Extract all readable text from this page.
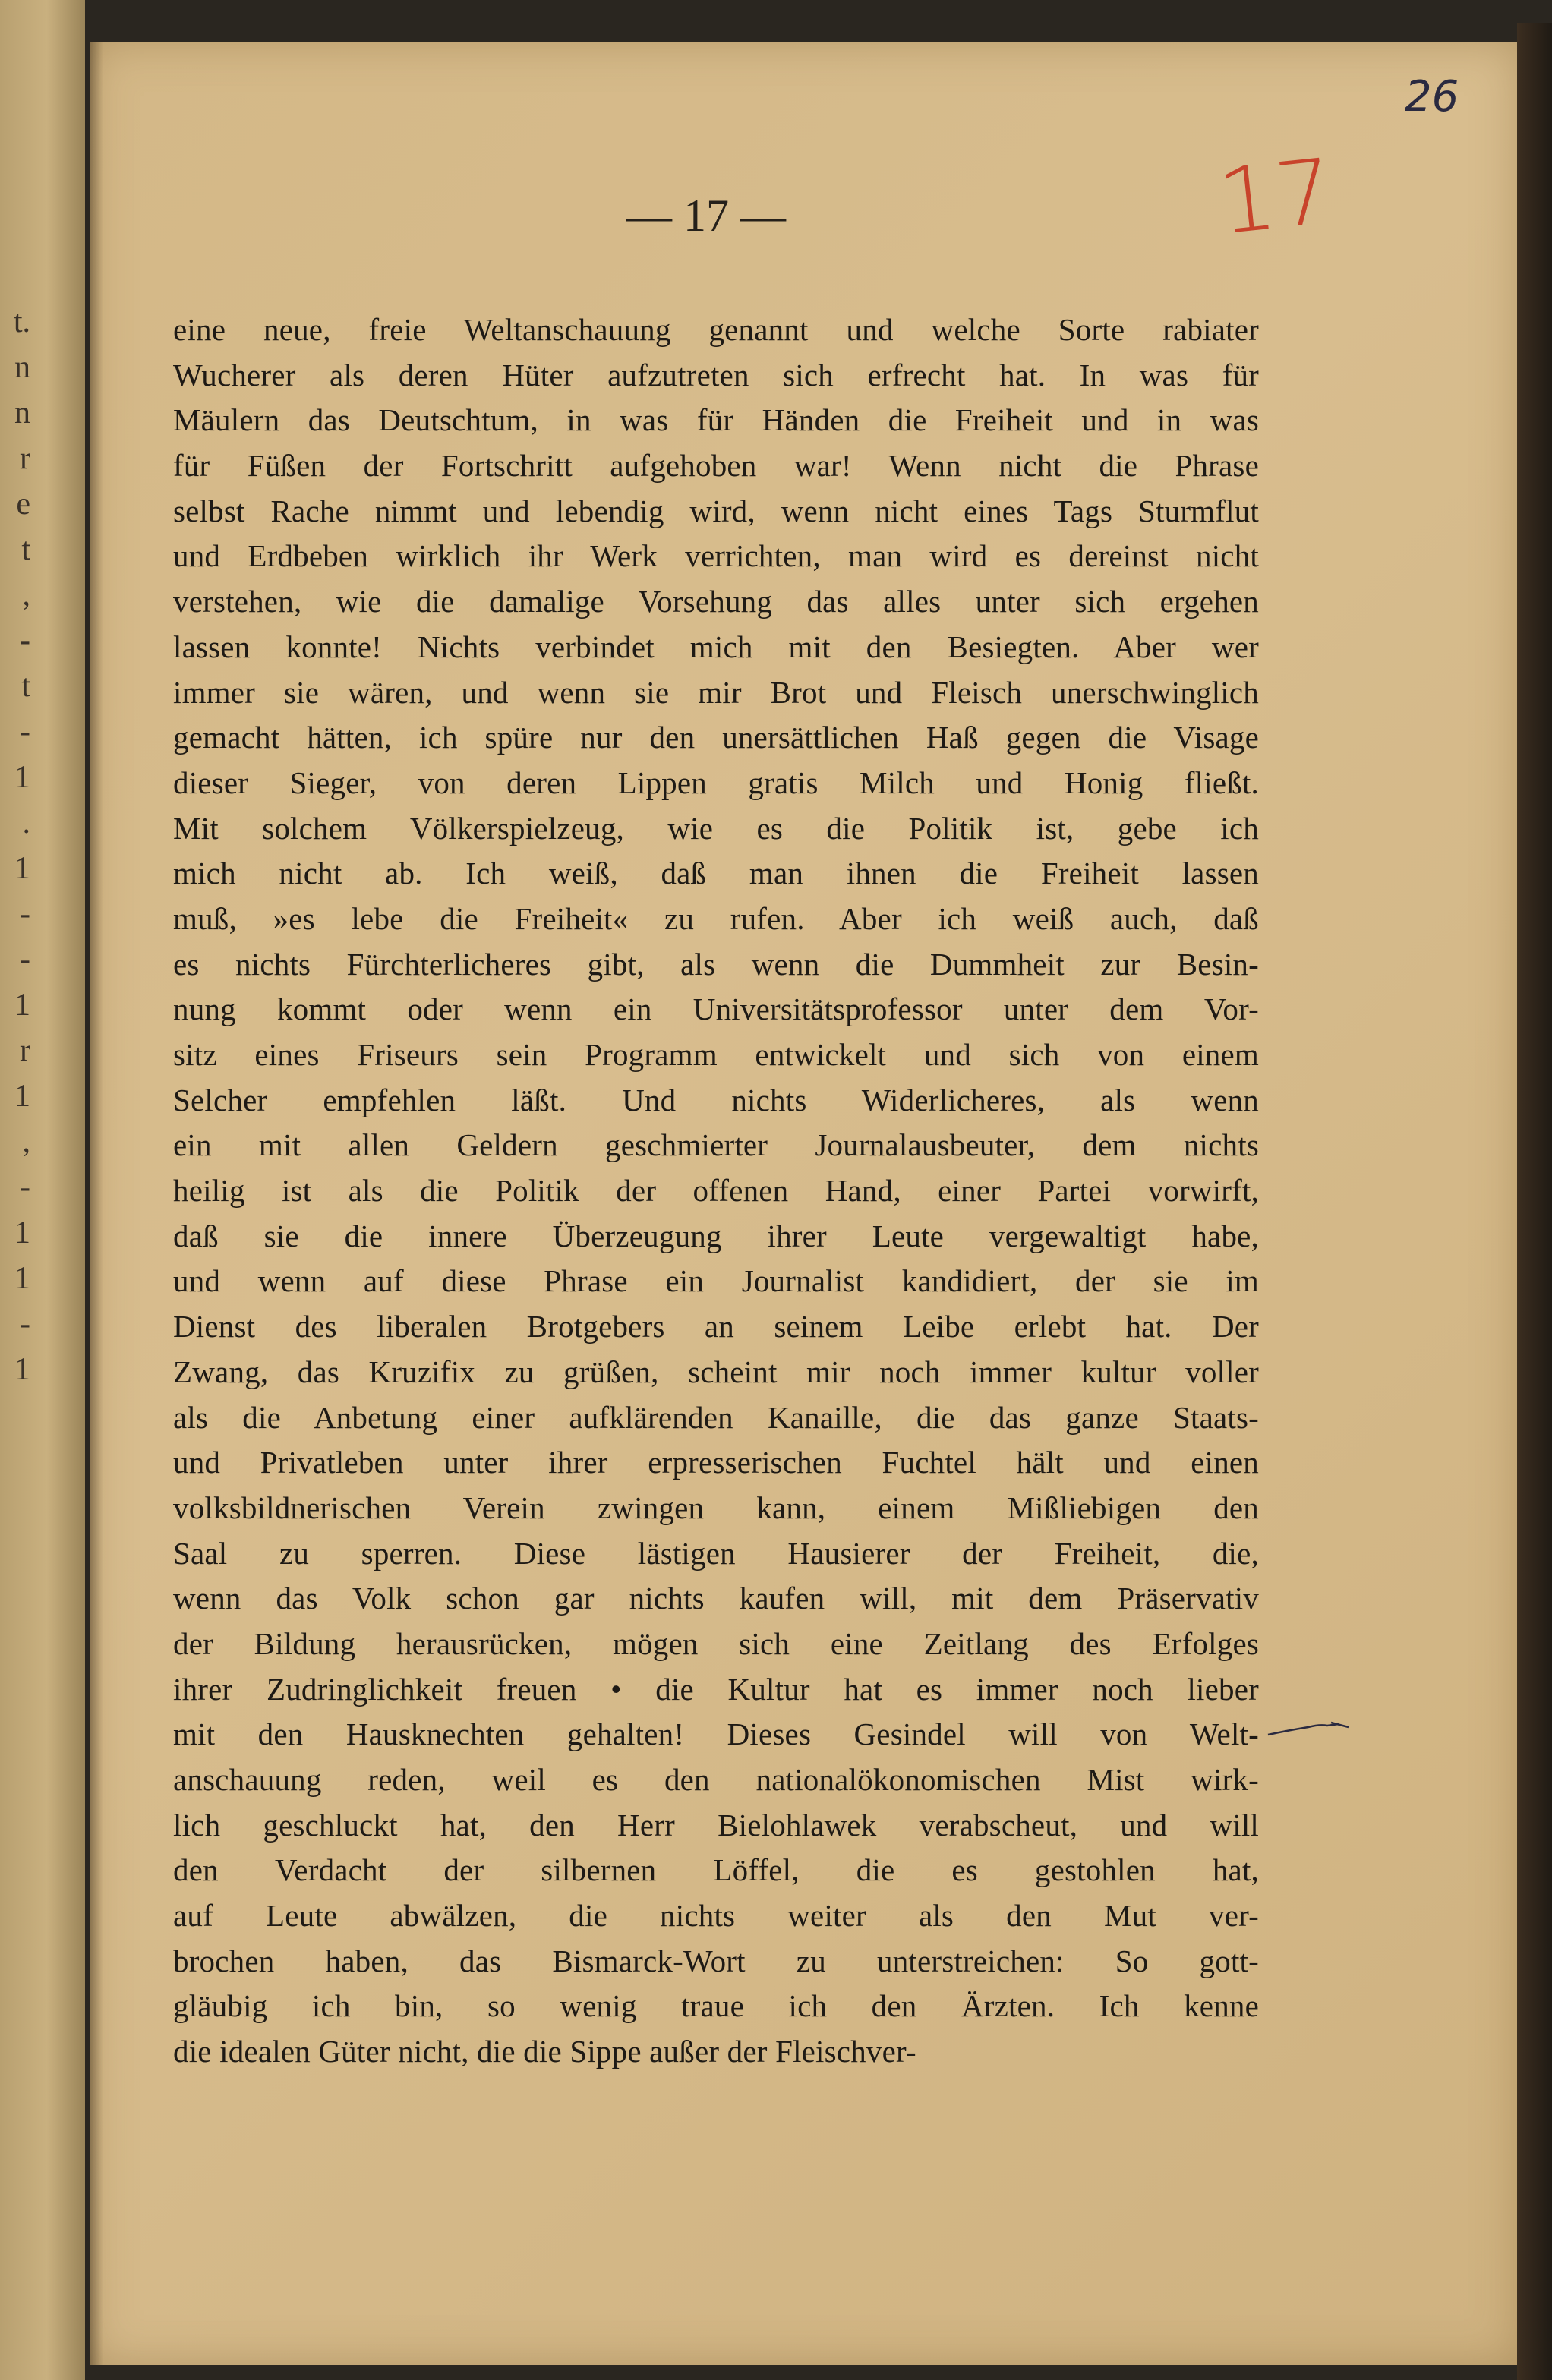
t.
n
n
r
e
t
,
-
t
-
1
.
1
-
-
1
r
1
,
-
1
1
-
1
26
17
— 17 —
eine neue, freie Weltanschauung genannt und welche Sorte rabiater
Wucherer als deren Hüter aufzutreten sich erfrecht hat. In was für
Mäulern das Deutschtum, in was für Händen die Freiheit und in was
für Füßen der Fortschritt aufgehoben war! Wenn nicht die Phrase
selbst Rache nimmt und lebendig wird, wenn nicht eines Tags Sturmflut
und Erdbeben wirklich ihr Werk verrichten, man wird es dereinst nicht
verstehen, wie die damalige Vorsehung das alles unter sich ergehen
lassen konnte! Nichts verbindet mich mit den Besiegten. Aber wer
immer sie wären, und wenn sie mir Brot und Fleisch unerschwinglich
gemacht hätten, ich spüre nur den unersättlichen Haß gegen die Visage
dieser Sieger, von deren Lippen gratis Milch und Honig fließt.
Mit solchem Völkerspielzeug, wie es die Politik ist, gebe ich
mich nicht ab. Ich weiß, daß man ihnen die Freiheit lassen
muß, »es lebe die Freiheit« zu rufen. Aber ich weiß auch, daß
es nichts Fürchterlicheres gibt, als wenn die Dummheit zur Besin-
nung kommt oder wenn ein Universitätsprofessor unter dem Vor-
sitz eines Friseurs sein Programm entwickelt und sich von einem
Selcher empfehlen läßt. Und nichts Widerlicheres, als wenn
ein mit allen Geldern geschmierter Journalausbeuter, dem nichts
heilig ist als die Politik der offenen Hand, einer Partei vorwirft,
daß sie die innere Überzeugung ihrer Leute vergewaltigt habe,
und wenn auf diese Phrase ein Journalist kandidiert, der sie im
Dienst des liberalen Brotgebers an seinem Leibe erlebt hat. Der
Zwang, das Kruzifix zu grüßen, scheint mir noch immer kultur voller
als die Anbetung einer aufklärenden Kanaille, die das ganze Staats-
und Privatleben unter ihrer erpresserischen Fuchtel hält und einen
volksbildnerischen Verein zwingen kann, einem Mißliebigen den
Saal zu sperren. Diese lästigen Hausierer der Freiheit, die,
wenn das Volk schon gar nichts kaufen will, mit dem Präservativ
der Bildung herausrücken, mögen sich eine Zeitlang des Erfolges
ihrer Zudringlichkeit freuen • die Kultur hat es immer noch lieber
mit den Hausknechten gehalten! Dieses Gesindel will von Welt-
anschauung reden, weil es den nationalökonomischen Mist wirk-
lich geschluckt hat, den Herr Bielohlawek verabscheut, und will
den Verdacht der silbernen Löffel, die es gestohlen hat,
auf Leute abwälzen, die nichts weiter als den Mut ver-
brochen haben, das Bismarck-Wort zu unterstreichen: So gott-
gläubig ich bin, so wenig traue ich den Ärzten. Ich kenne
die idealen Güter nicht, die die Sippe außer der Fleischver-
